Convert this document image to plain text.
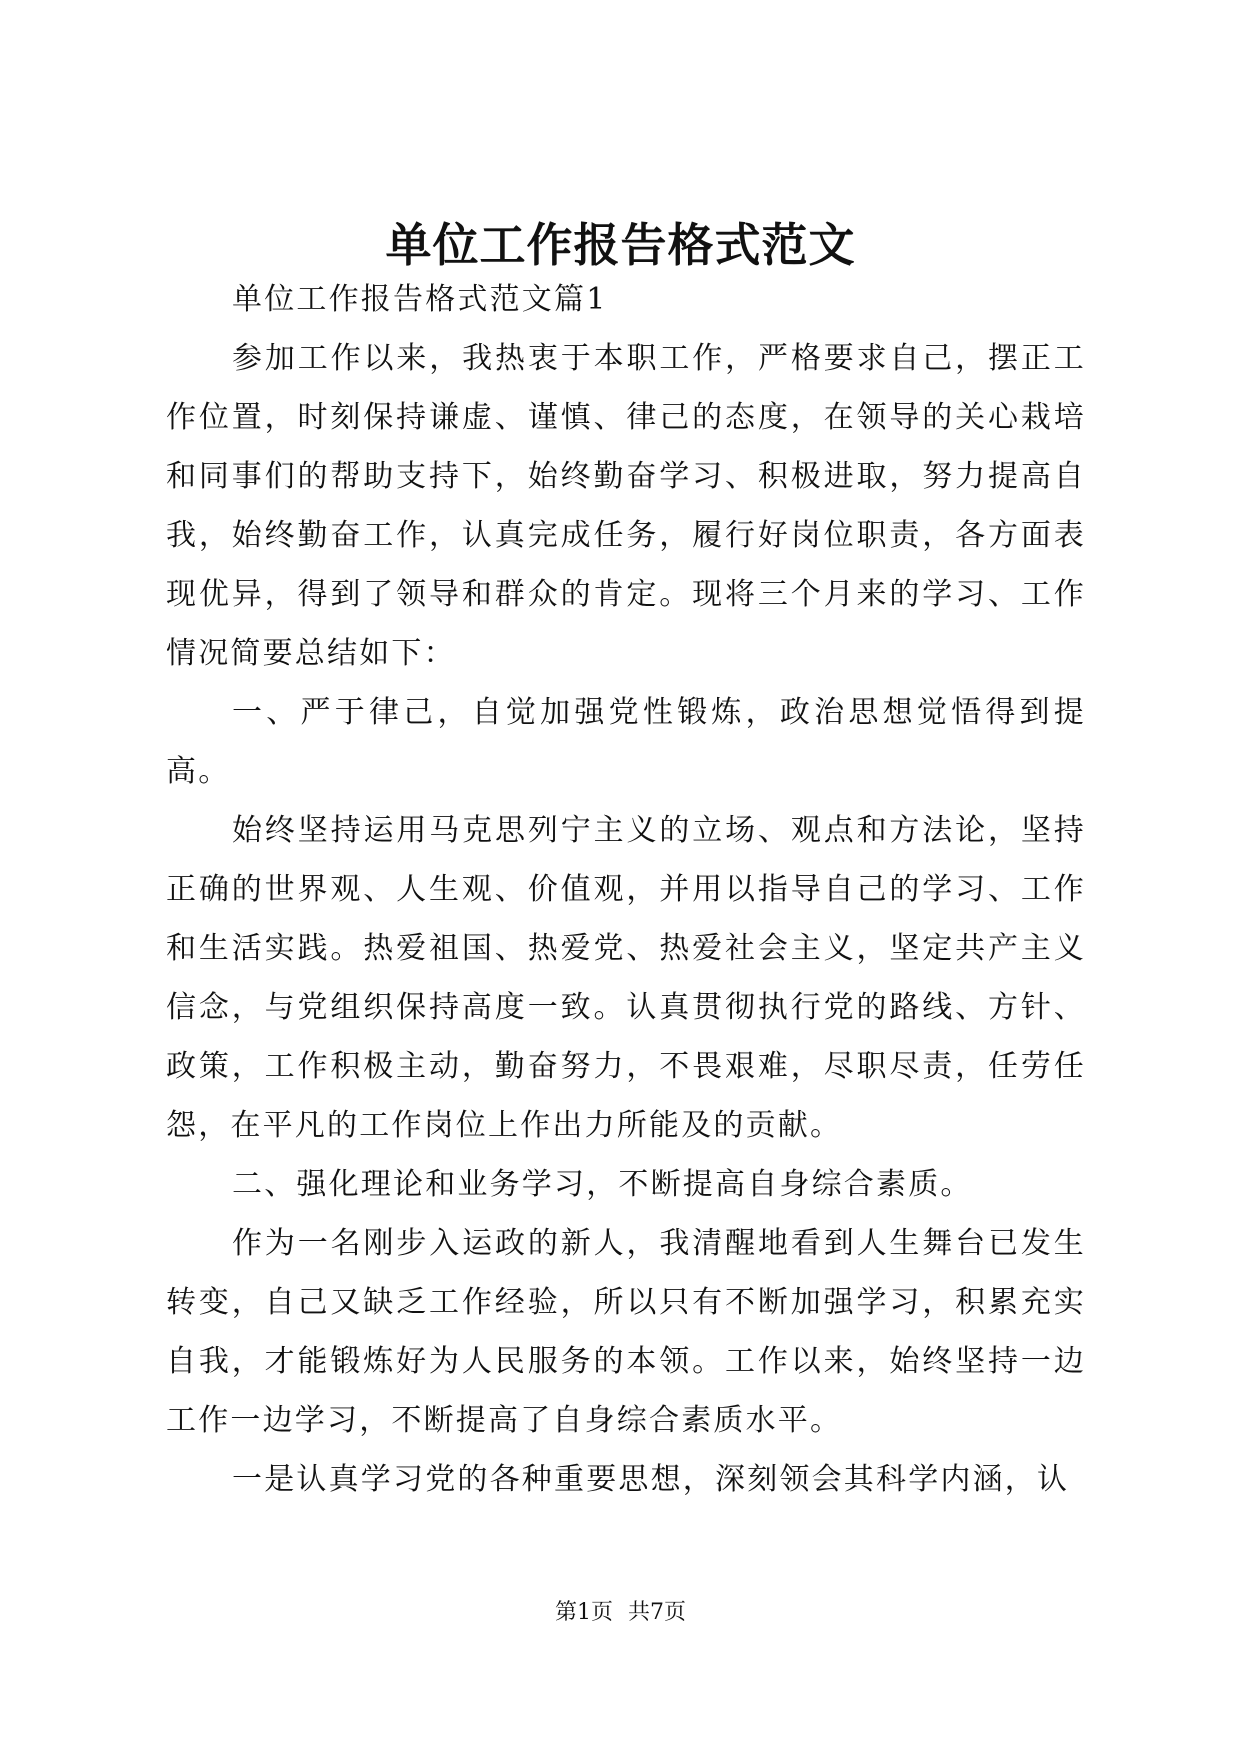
单位工作报告格式范文

单位工作报告格式范文篇1

参加工作以来，我热衷于本职工作，严格要求自己，摆正工作位置，时刻保持谦虚、谨慎、律己的态度，在领导的关心栽培和同事们的帮助支持下，始终勤奋学习、积极进取，努力提高自我，始终勤奋工作，认真完成任务，履行好岗位职责，各方面表现优异，得到了领导和群众的肯定。现将三个月来的学习、工作情况简要总结如下：

一、严于律己，自觉加强党性锻炼，政治思想觉悟得到提高。

始终坚持运用马克思列宁主义的立场、观点和方法论，坚持正确的世界观、人生观、价值观，并用以指导自己的学习、工作和生活实践。热爱祖国、热爱党、热爱社会主义，坚定共产主义信念，与党组织保持高度一致。认真贯彻执行党的路线、方针、政策，工作积极主动，勤奋努力，不畏艰难，尽职尽责，任劳任怨，在平凡的工作岗位上作出力所能及的贡献。

二、强化理论和业务学习，不断提高自身综合素质。

作为一名刚步入运政的新人，我清醒地看到人生舞台已发生转变，自己又缺乏工作经验，所以只有不断加强学习，积累充实自我，才能锻炼好为人民服务的本领。工作以来，始终坚持一边工作一边学习，不断提高了自身综合素质水平。

一是认真学习党的各种重要思想，深刻领会其科学内涵，认

第1页 共7页
